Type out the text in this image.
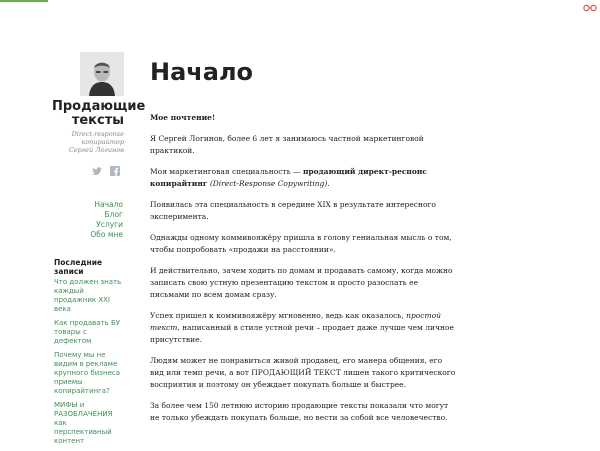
Продающие тексты
Direct-response копирайтор Сергей Логинов
Начало
Блог
Услуги
Обо мне
Последние записи
Что должен знать каждый продажник XXI века
Как продавать БУ товары с дефектом
Почему мы не видим в рекламе крупного бизнеса приемы копирайтинга?
МИФЫ и РАЗОБЛАЧЕНИЯ как перспективный контент
Начало

Мое почтение!

Я Сергей Логинов, более 6 лет я занимаюсь частной маркетинговой практикой.

Моя маркетинговая специальность — продающий директ-респонс копирайтинг (Direct-Response Copywriting).

Появилась эта специальность в середине XIX в результате интересного эксперимента.

Однажды одному коммивояжёру пришла в голову гениальная мысль о том, чтобы попробовать «продажи на расстоянии».

И действительно, зачем ходить по домам и продавать самому, когда можно записать свою устную презентацию текстом и просто разослать ее письмами по всем домам сразу.

Успех пришел к коммивояжёру мгновенно, ведь как оказалось, простой текст, написанный в стиле устной речи – продает даже лучше чем личное присутствие.

Людям может не понравиться живой продавец, его манера общения, его вид или темп речи, а вот ПРОДАЮЩИЙ ТЕКСТ лишен такого критического восприятия и поэтому он убеждает покупать больше и быстрее.

За более чем 150 летнюю историю продающие тексты показали что могут не только убеждать покупать больше, но вести за собой все человечество.
